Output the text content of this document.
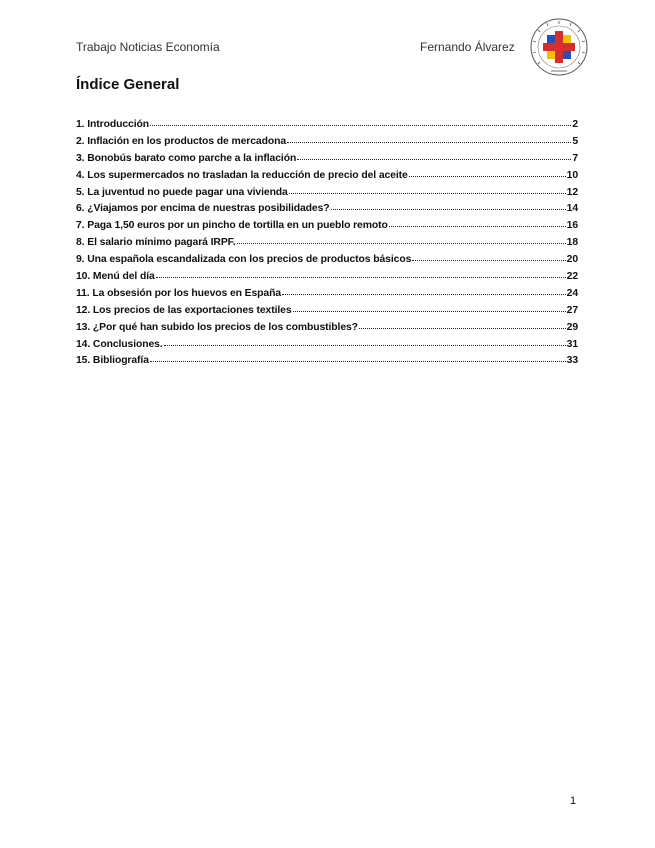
Trabajo Noticias Economía	Fernando Álvarez
Índice General
1. Introducción	2
2. Inflación en los productos de mercadona	5
3. Bonobús barato como parche a la inflación	7
4. Los supermercados no trasladan la reducción de precio del aceite	10
5. La juventud no puede pagar una vivienda	12
6. ¿Viajamos por encima de nuestras posibilidades?	14
7. Paga 1,50 euros por un pincho de tortilla en un pueblo remoto	16
8. El salario mínimo pagará IRPF.	18
9. Una española escandalizada con los precios de productos básicos	20
10. Menú del día	22
11. La obsesión por los huevos en España	24
12. Los precios de las exportaciones textiles	27
13. ¿Por qué han subido los precios de los combustibles?	29
14. Conclusiones.	31
15. Bibliografía	33
1
